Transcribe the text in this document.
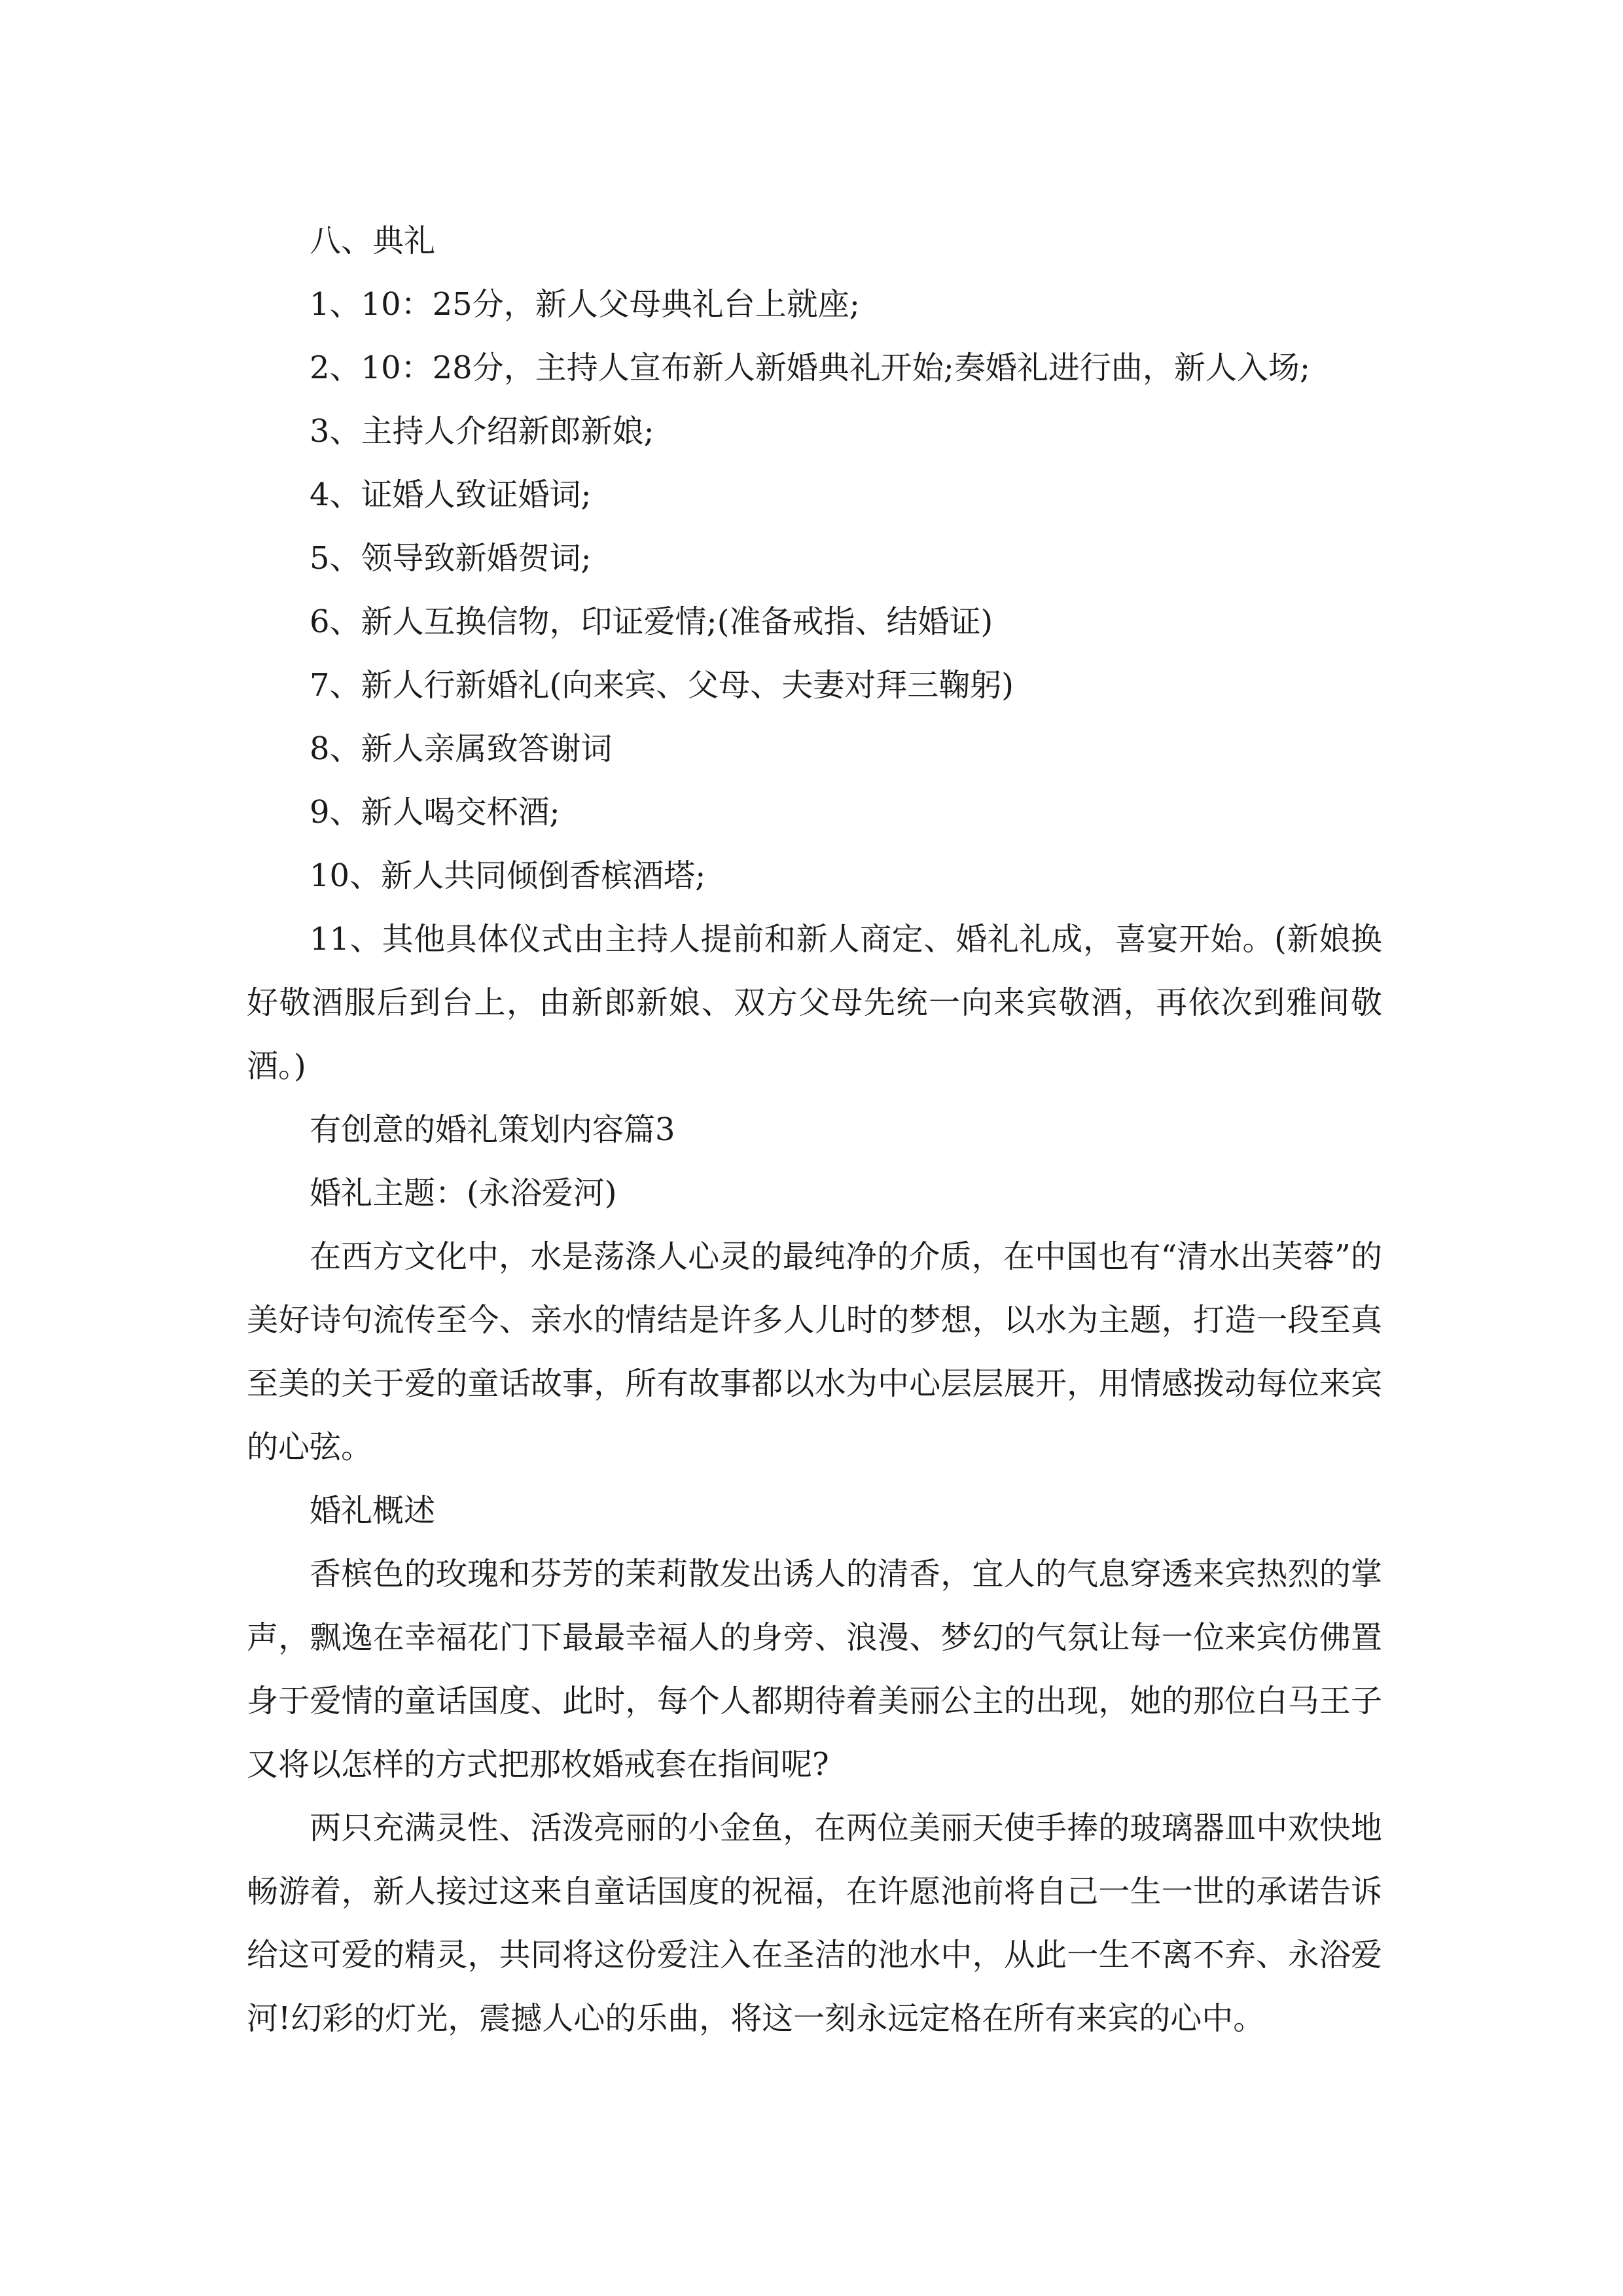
八、典礼

1、10：25分，新人父母典礼台上就座;

2、10：28分，主持人宣布新人新婚典礼开始;奏婚礼进行曲，新人入场;

3、主持人介绍新郎新娘;

4、证婚人致证婚词;

5、领导致新婚贺词;

6、新人互换信物，印证爱情;(准备戒指、结婚证)

7、新人行新婚礼(向来宾、父母、夫妻对拜三鞠躬)

8、新人亲属致答谢词

9、新人喝交杯酒;

10、新人共同倾倒香槟酒塔;

11、其他具体仪式由主持人提前和新人商定、婚礼礼成，喜宴开始。(新娘换好敬酒服后到台上，由新郎新娘、双方父母先统一向来宾敬酒，再依次到雅间敬酒。)

有创意的婚礼策划内容篇3

婚礼主题：(永浴爱河)

在西方文化中，水是荡涤人心灵的最纯净的介质，在中国也有“清水出芙蓉”的美好诗句流传至今、亲水的情结是许多人儿时的梦想，以水为主题，打造一段至真至美的关于爱的童话故事，所有故事都以水为中心层层展开，用情感拨动每位来宾的心弦。

婚礼概述

香槟色的玫瑰和芬芳的茉莉散发出诱人的清香，宜人的气息穿透来宾热烈的掌声，飘逸在幸福花门下最最幸福人的身旁、浪漫、梦幻的气氛让每一位来宾仿佛置身于爱情的童话国度、此时，每个人都期待着美丽公主的出现，她的那位白马王子又将以怎样的方式把那枚婚戒套在指间呢?

两只充满灵性、活泼亮丽的小金鱼，在两位美丽天使手捧的玻璃器皿中欢快地畅游着，新人接过这来自童话国度的祝福，在许愿池前将自己一生一世的承诺告诉给这可爱的精灵，共同将这份爱注入在圣洁的池水中，从此一生不离不弃、永浴爱河!幻彩的灯光，震撼人心的乐曲，将这一刻永远定格在所有来宾的心中。
